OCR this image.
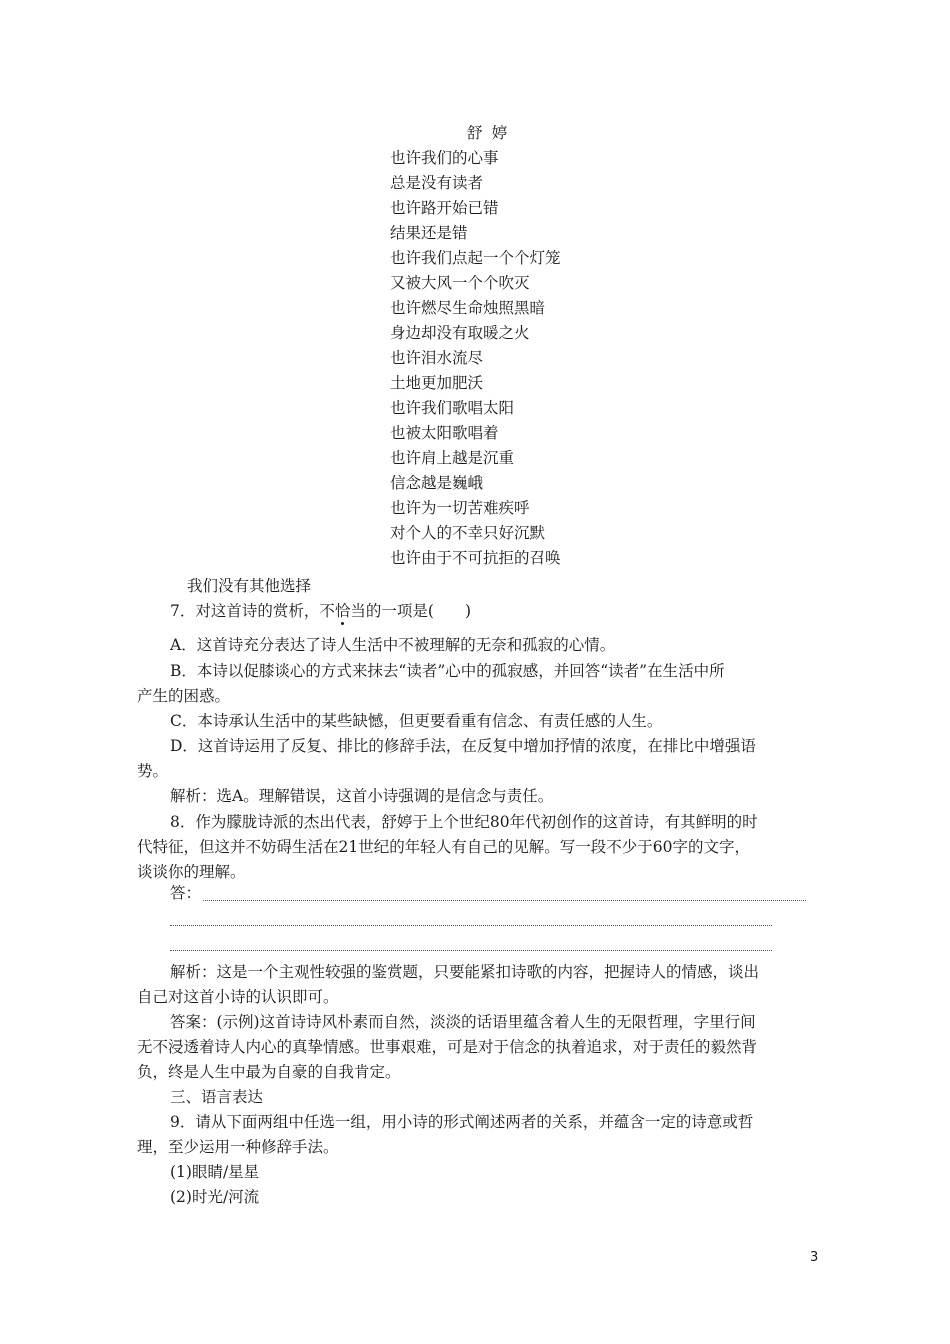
舒婷
也许我们的心事
总是没有读者
也许路开始已错
结果还是错
也许我们点起一个个灯笼
又被大风一个个吹灭
也许燃尽生命烛照黑暗
身边却没有取暖之火
也许泪水流尽
土地更加肥沃
也许我们歌唱太阳
也被太阳歌唱着
也许肩上越是沉重
信念越是巍峨
也许为一切苦难疾呼
对个人的不幸只好沉默
也许由于不可抗拒的召唤
我们没有其他选择
7．对这首诗的赏析，不恰当的一项是(　　)
A．这首诗充分表达了诗人生活中不被理解的无奈和孤寂的心情。
B．本诗以促膝谈心的方式来抹去“读者”心中的孤寂感，并回答“读者”在生活中所
产生的困惑。
C．本诗承认生活中的某些缺憾，但更要看重有信念、有责任感的人生。
D．这首诗运用了反复、排比的修辞手法，在反复中增加抒情的浓度，在排比中增强语
势。
解析：选A。理解错误，这首小诗强调的是信念与责任。
8．作为朦胧诗派的杰出代表，舒婷于上个世纪80年代初创作的这首诗，有其鲜明的时
代特征，但这并不妨碍生活在21世纪的年轻人有自己的见解。写一段不少于60字的文字，
谈谈你的理解。
答：
解析：这是一个主观性较强的鉴赏题，只要能紧扣诗歌的内容，把握诗人的情感，谈出
自己对这首小诗的认识即可。
答案：(示例)这首诗诗风朴素而自然，淡淡的话语里蕴含着人生的无限哲理，字里行间
无不浸透着诗人内心的真挚情感。世事艰难，可是对于信念的执着追求，对于责任的毅然背
负，终是人生中最为自豪的自我肯定。
三、语言表达
9．请从下面两组中任选一组，用小诗的形式阐述两者的关系，并蕴含一定的诗意或哲
理，至少运用一种修辞手法。
(1)眼睛/星星
(2)时光/河流
3
